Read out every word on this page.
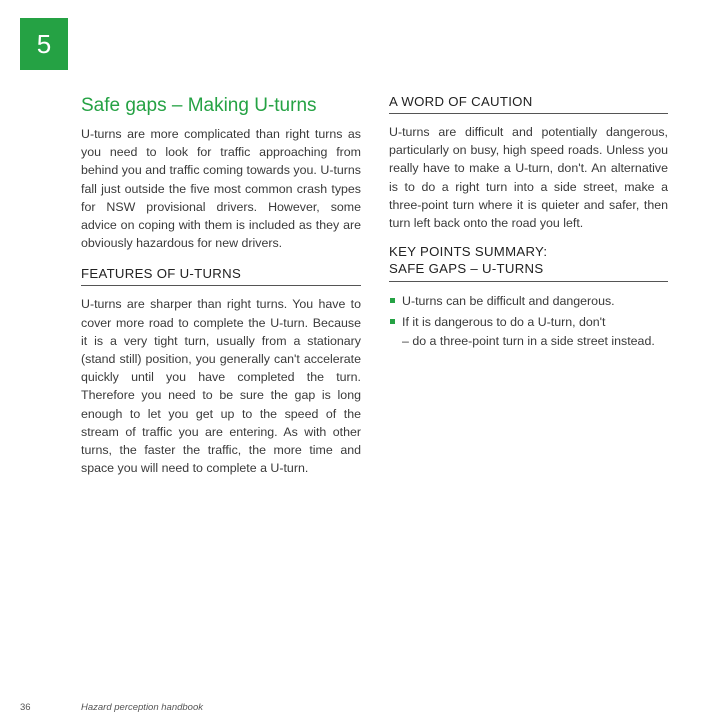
5
Safe gaps – Making U-turns

U-turns are more complicated than right turns as you need to look for traffic approaching from behind you and traffic coming towards you. U-turns fall just outside the five most common crash types for NSW provisional drivers. However, some advice on coping with them is included as they are obviously hazardous for new drivers.

FEATURES OF U-TURNS

U-turns are sharper than right turns. You have to cover more road to complete the U-turn. Because it is a very tight turn, usually from a stationary (stand still) position, you generally can't accelerate quickly until you have completed the turn. Therefore you need to be sure the gap is long enough to let you get up to the speed of the stream of traffic you are entering. As with other turns, the faster the traffic, the more time and space you will need to complete a U-turn.

A WORD OF CAUTION

U-turns are difficult and potentially dangerous, particularly on busy, high speed roads. Unless you really have to make a U-turn, don't. An alternative is to do a right turn into a side street, make a three-point turn where it is quieter and safer, then turn left back onto the road you left.

KEY POINTS SUMMARY:
SAFE GAPS – U-TURNS
U-turns can be difficult and dangerous.
If it is dangerous to do a U-turn, don't
– do a three-point turn in a side street instead.
36	Hazard perception handbook
